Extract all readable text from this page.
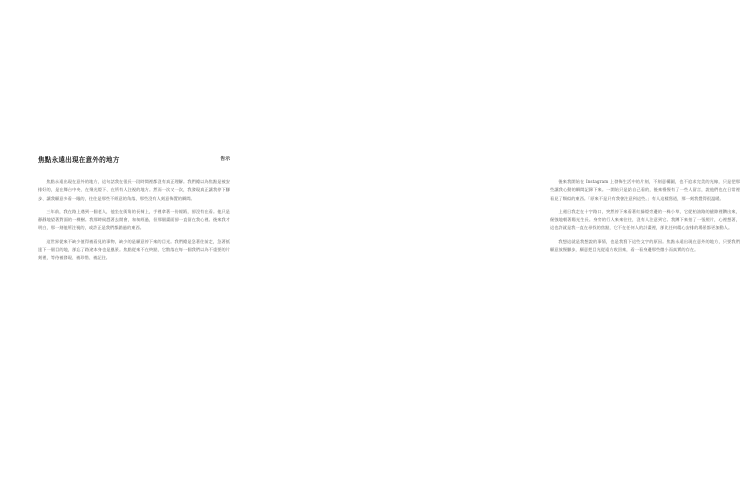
焦點永遠出現在意外的地方	告示

焦點永遠出現在意外的地方，這句話我在很長一段時間裡都沒有真正理解。我們總以為焦點是被安排好的，是在舞台中央、在聚光燈下、在所有人注視的地方。然而一次又一次，我發現真正讓我停下腳步、讓我願意多看一眼的，往往是那些不經意的角落，那些沒有人刻意佈置的瞬間。

三年前，我在路上遇到一個老人，他坐在街角的長椅上，手裡拿著一份報紙，卻沒有在看。他只是靜靜地望著對面的一棵樹。我那時候趕著去開會，匆匆經過，但那個畫面卻一直留在我心裡。後來我才明白，那一刻他所注視的，或許正是我們都錯過的東西。

這世界從來不缺少值得被看見的事物，缺少的是願意停下來的目光。我們總是急著往前走，急著抵達下一個目的地，卻忘了路途本身也是風景。焦點從來不在終點，它散落在每一個我們以為不重要的片刻裡，等待被發現、被珍惜、被記住。

後來我開始在 Instagram 上發佈生活中的片刻，不刻意構圖，也不追求完美的光線，只是把那些讓我心動的瞬間記錄下來。一開始只是給自己看的，後來慢慢有了一些人留言，說他們也在日常裡看見了類似的東西。「原來不是只有我會注意到這些。」有人這樣寫道，那一刻我覺得很溫暖。

上週日我走在十字路口，突然停下來看著紅綠燈旁邊的一株小草，它從柏油路的縫隙裡鑽出來，倔強地朝著陽光生長。身旁的行人來來往往，沒有人注意到它。我蹲下來拍了一張照片，心裡想著，這也許就是我一直在尋找的焦點，它不在任何人的計畫裡，卻比任何精心安排的場景都更加動人。

我想這就是我想說的事情，也是我寫下這些文字的原因。焦點永遠出現在意外的地方，只要我們願意放慢腳步，願意把目光從遠方收回來，看一看身邊那些微小而真實的存在。
